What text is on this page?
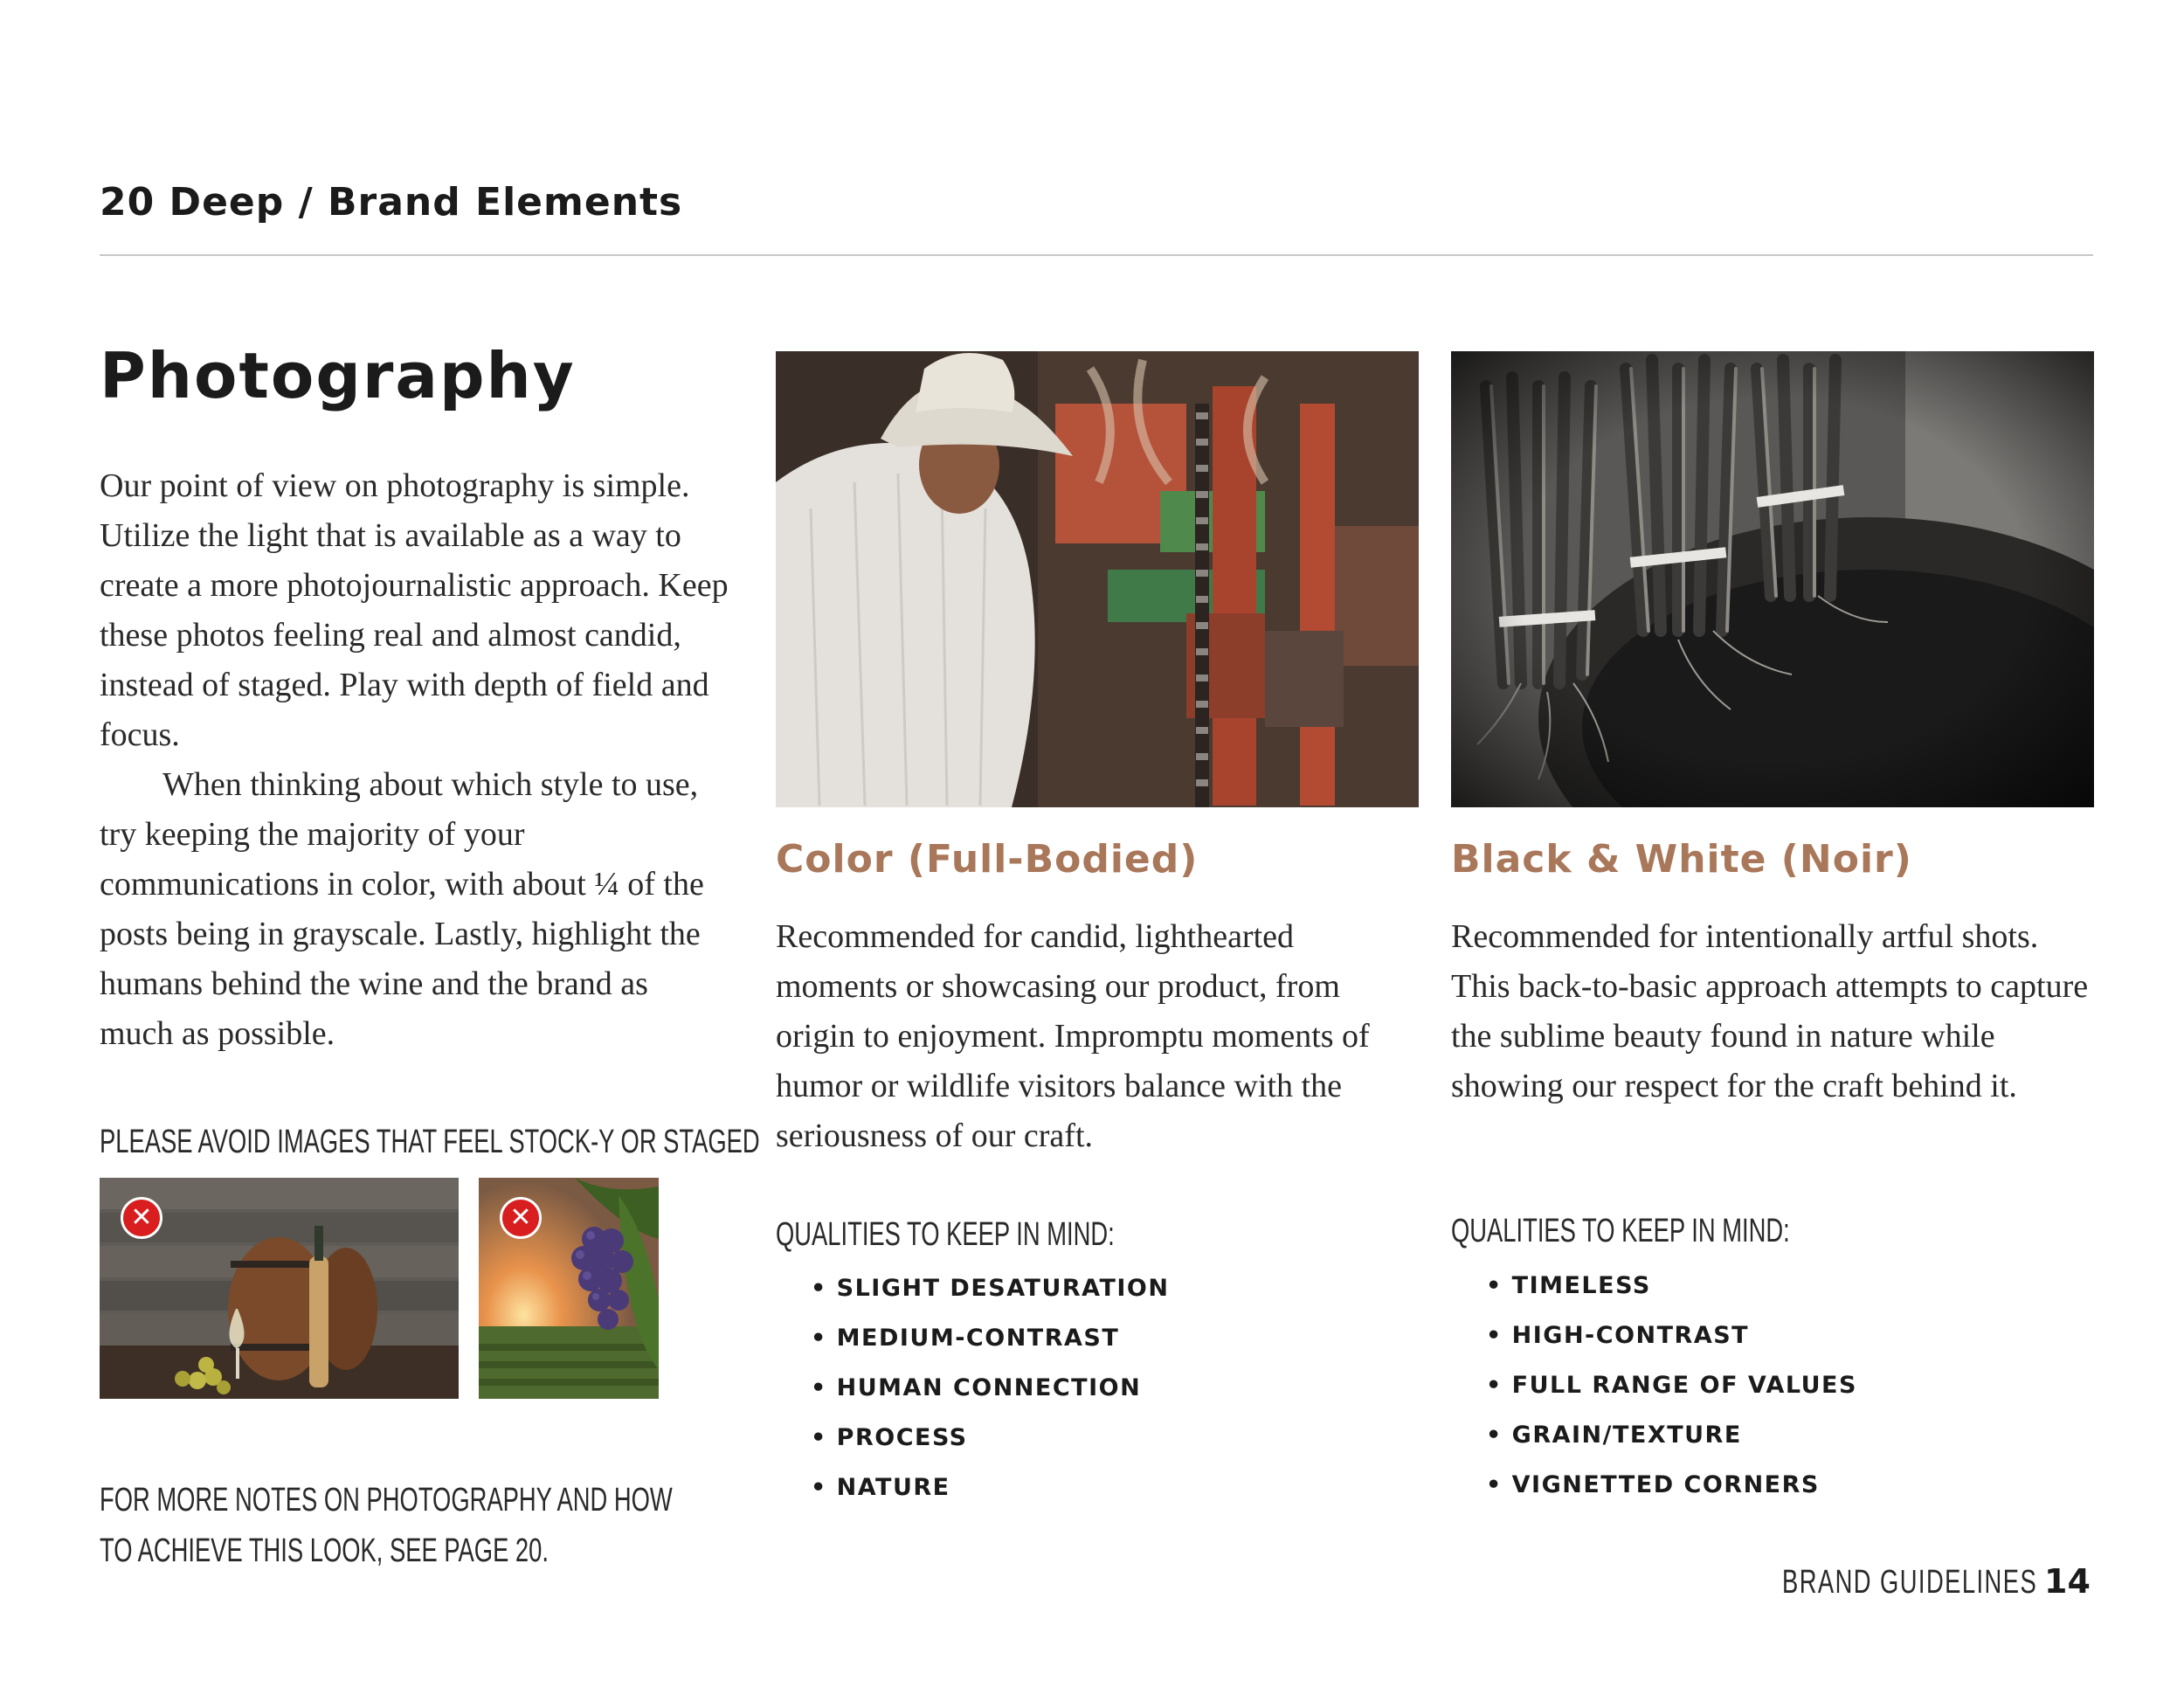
20 Deep / Brand Elements
Photography

Our point of view on photography is simple. Utilize the light that is available as a way to create a more photojournalistic approach. Keep these photos feeling real and almost candid, instead of staged. Play with depth of field and focus.

When thinking about which style to use, try keeping the majority of your communications in color, with about ¼ of the posts being in grayscale. Lastly, highlight the humans behind the wine and the brand as much as possible.

PLEASE AVOID IMAGES THAT FEEL STOCK-Y OR STAGED
✕	✕
FOR MORE NOTES ON PHOTOGRAPHY AND HOW
TO ACHIEVE THIS LOOK, SEE PAGE 20.
Color (Full-Bodied)

Recommended for candid, lighthearted moments or showcasing our product, from origin to enjoyment. Impromptu moments of humor or wildlife visitors balance with the seriousness of our craft.

QUALITIES TO KEEP IN MIND:
• SLIGHT DESATURATION
• MEDIUM-CONTRAST
• HUMAN CONNECTION
• PROCESS
• NATURE
Black & White (Noir)

Recommended for intentionally artful shots. This back-to-basic approach attempts to capture the sublime beauty found in nature while showing our respect for the craft behind it.

QUALITIES TO KEEP IN MIND:
• TIMELESS
• HIGH-CONTRAST
• FULL RANGE OF VALUES
• GRAIN/TEXTURE
• VIGNETTED CORNERS
BRAND GUIDELINES 14
